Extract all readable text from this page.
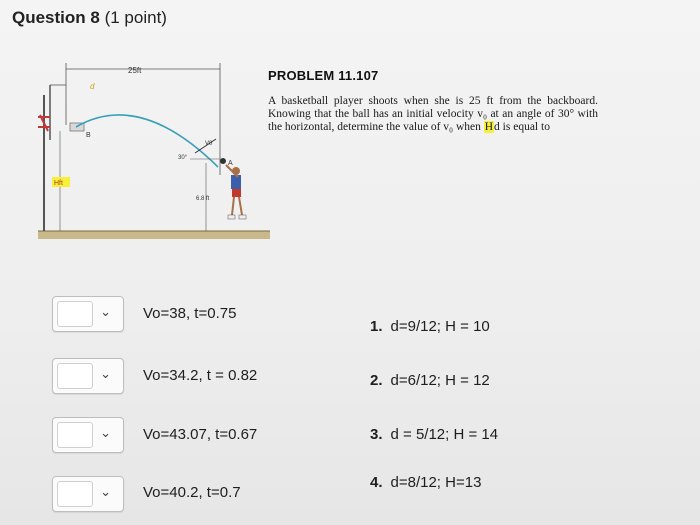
Question 8 (1 point)
B
25ft
d
V0
30°
A
6.8 ft
Hft
PROBLEM 11.107
A basketball player shoots when she is 25 ft from the backboard. Knowing that the ball has an initial velocity v₀ at an angle of 30° with the horizontal, determine the value of v₀ when Hd is equal to
⌄ Vo=38, t=0.75
1. d=9/12; H = 10
⌄ Vo=34.2, t = 0.82	2. d=6/12; H = 12
⌄ Vo=43.07, t=0.67	3. d = 5/12; H = 14
⌄ Vo=40.2, t=0.7
4. d=8/12; H=13
